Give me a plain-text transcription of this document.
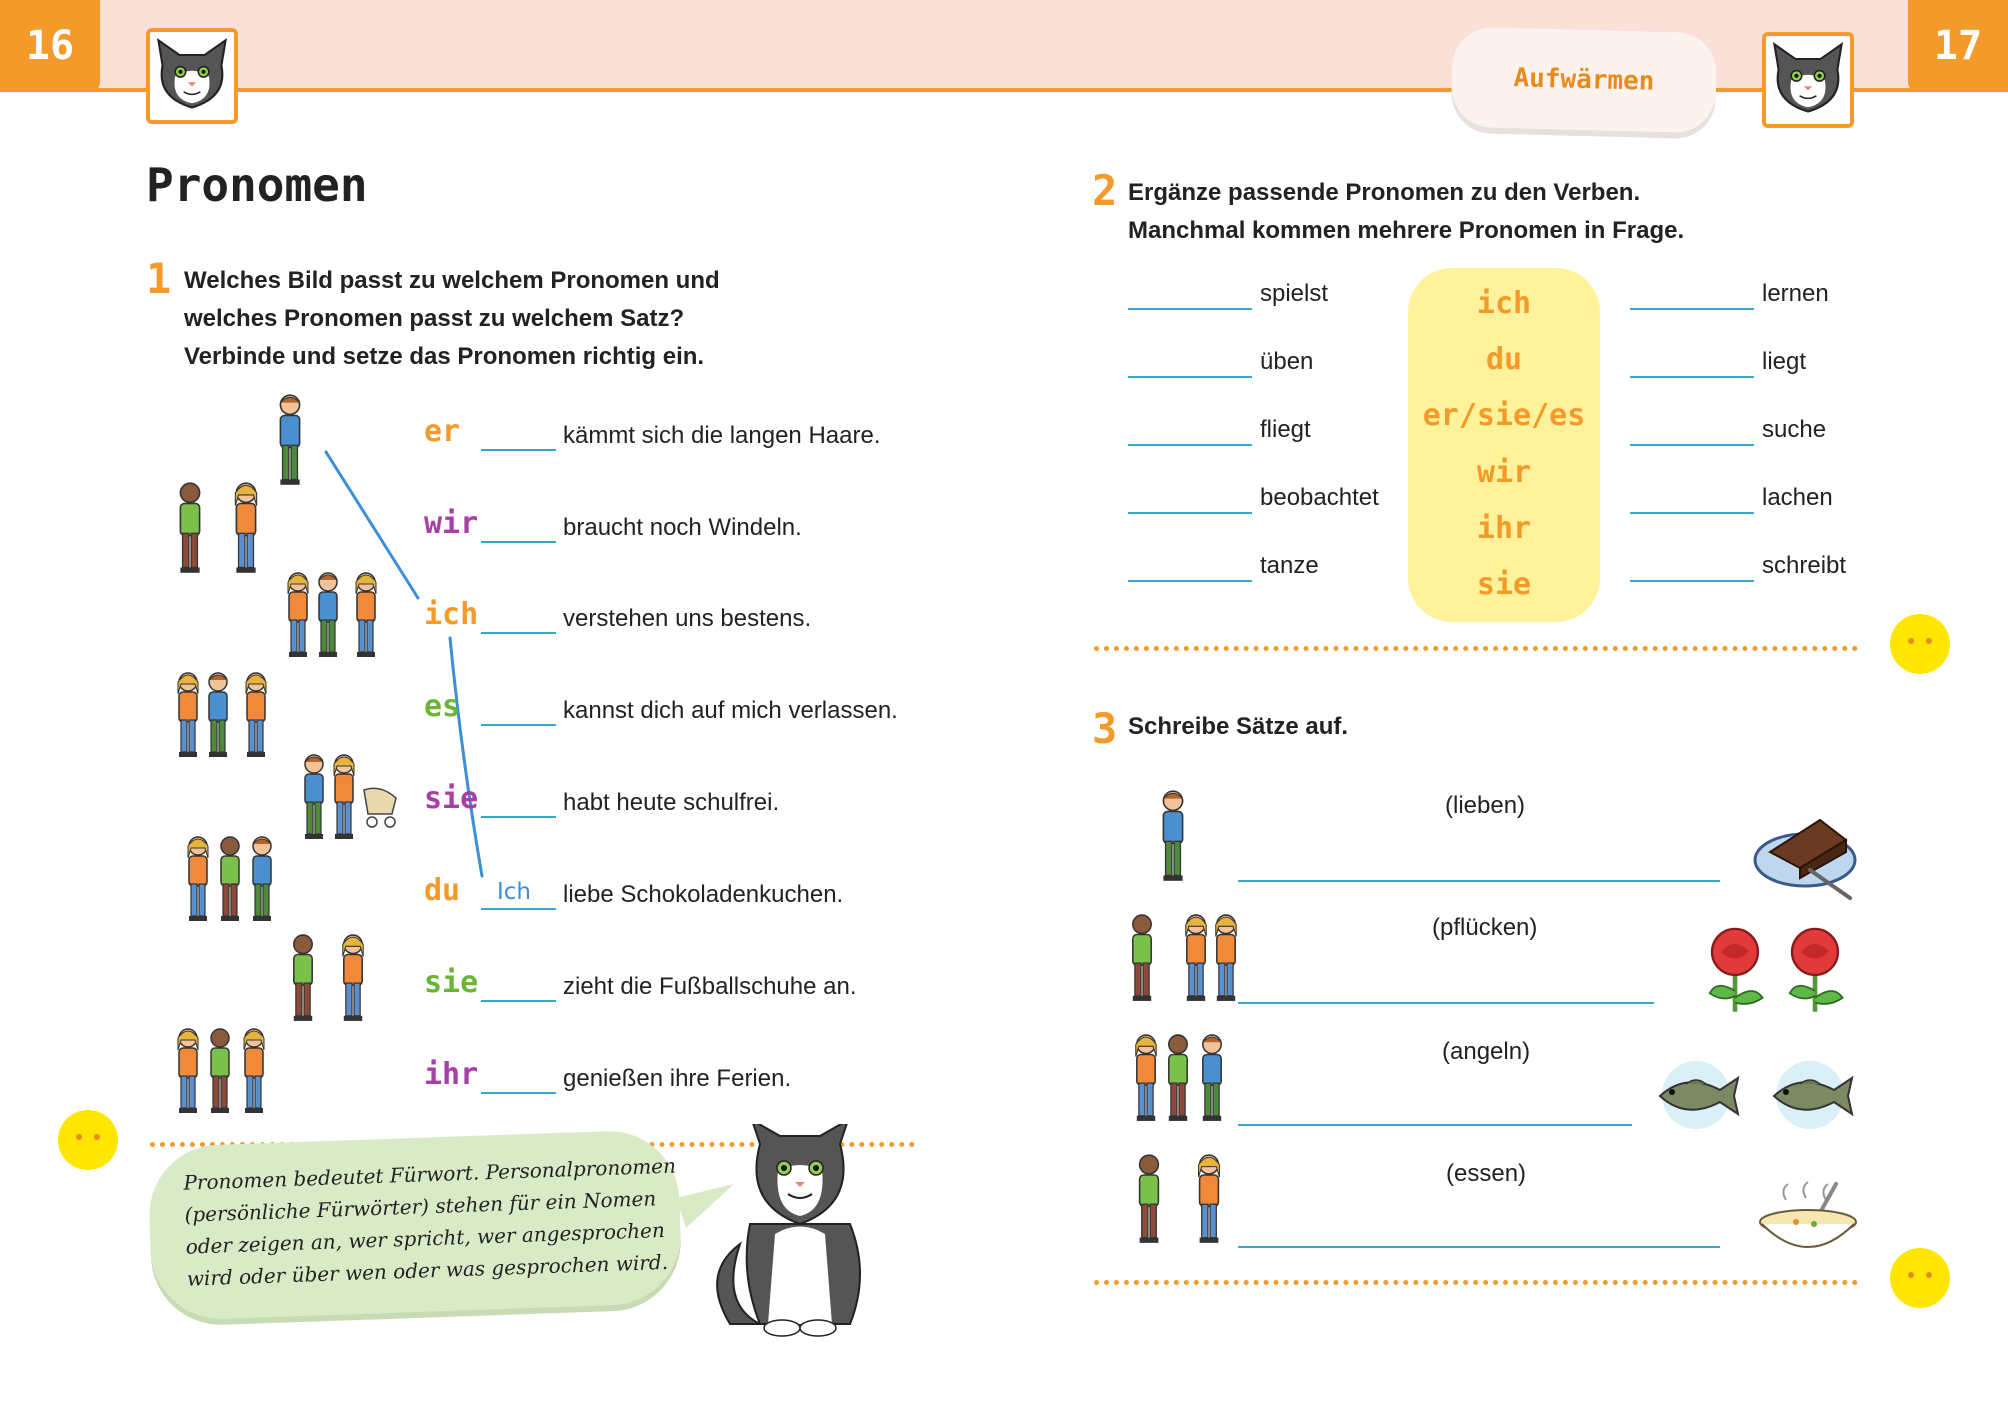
16	17
Aufwärmen
Pronomen
1 Welches Bild passt zu welchem Pronomen und
welches Pronomen passt zu welchem Satz?
Verbinde und setze das Pronomen richtig ein.
er
wir
ich
es
sie
du
sie
ihr
kämmt sich die langen Haare.
braucht noch Windeln.
verstehen uns bestens.
kannst dich auf mich verlassen.
habt heute schulfrei.
Ich liebe Schokoladenkuchen.
zieht die Fußballschuhe an.
genießen ihre Ferien.
Pronomen bedeutet Fürwort. Personalpronomen
(persönliche Fürwörter) stehen für ein Nomen
oder zeigen an, wer spricht, wer angesprochen
wird oder über wen oder was gesprochen wird.
2 Ergänze passende Pronomen zu den Verben.
Manchmal kommen mehrere Pronomen in Frage.
ich
du
er/sie/es
wir
ihr
sie
spielst
üben
fliegt
beobachtet
tanze
lernen
liegt
suche
lachen
schreibt
3 Schreibe Sätze auf.
(lieben)
(pflücken)
(angeln)
(essen)
